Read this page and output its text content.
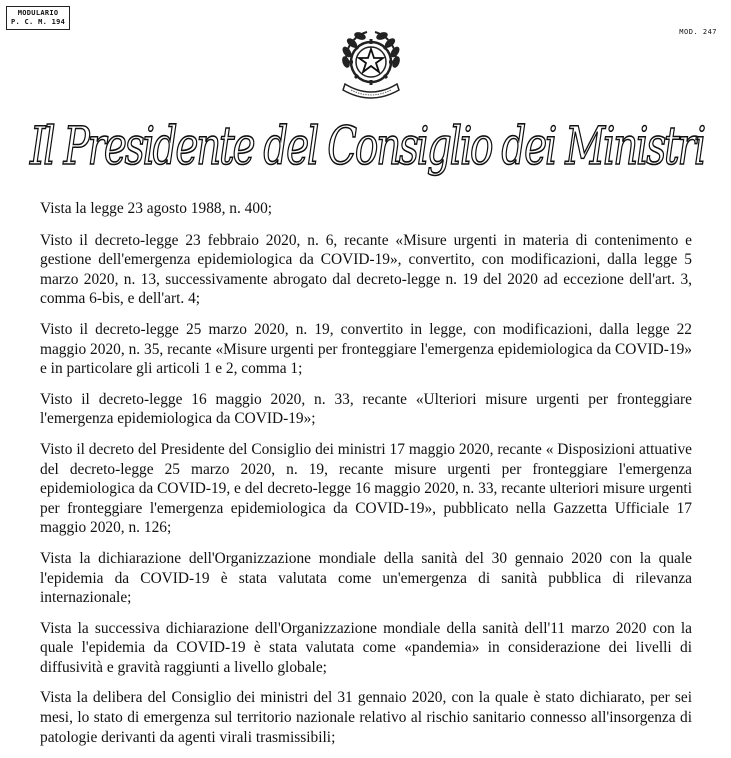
MODULARIO
P. C. M. 194
MOD. 247
Il Presidente del Consiglio dei Ministri

Vista la legge 23 agosto 1988, n. 400;

Visto il decreto-legge 23 febbraio 2020, n. 6, recante «Misure urgenti in materia di contenimento e gestione dell'emergenza epidemiologica da COVID-19», convertito, con modificazioni, dalla legge 5 marzo 2020, n. 13, successivamente abrogato dal decreto-legge n. 19 del 2020 ad eccezione dell'art. 3, comma 6-bis, e dell'art. 4;

Visto il decreto-legge 25 marzo 2020, n. 19, convertito in legge, con modificazioni, dalla legge 22 maggio 2020, n. 35, recante «Misure urgenti per fronteggiare l'emergenza epidemiologica da COVID-19» e in particolare gli articoli 1 e 2, comma 1;

Visto il decreto-legge 16 maggio 2020, n. 33, recante «Ulteriori misure urgenti per fronteggiare l'emergenza epidemiologica da COVID-19»;

Visto il decreto del Presidente del Consiglio dei ministri 17 maggio 2020, recante « Disposizioni attuative del decreto-legge 25 marzo 2020, n. 19, recante misure urgenti per fronteggiare l'emergenza epidemiologica da COVID-19, e del decreto-legge 16 maggio 2020, n. 33, recante ulteriori misure urgenti per fronteggiare l'emergenza epidemiologica da COVID-19», pubblicato nella Gazzetta Ufficiale 17 maggio 2020, n. 126;

Vista la dichiarazione dell'Organizzazione mondiale della sanità del 30 gennaio 2020 con la quale l'epidemia da COVID-19 è stata valutata come un'emergenza di sanità pubblica di rilevanza internazionale;

Vista la successiva dichiarazione dell'Organizzazione mondiale della sanità dell'11 marzo 2020 con la quale l'epidemia da COVID-19 è stata valutata come «pandemia» in considerazione dei livelli di diffusività e gravità raggiunti a livello globale;

Vista la delibera del Consiglio dei ministri del 31 gennaio 2020, con la quale è stato dichiarato, per sei mesi, lo stato di emergenza sul territorio nazionale relativo al rischio sanitario connesso all'insorgenza di patologie derivanti da agenti virali trasmissibili;
